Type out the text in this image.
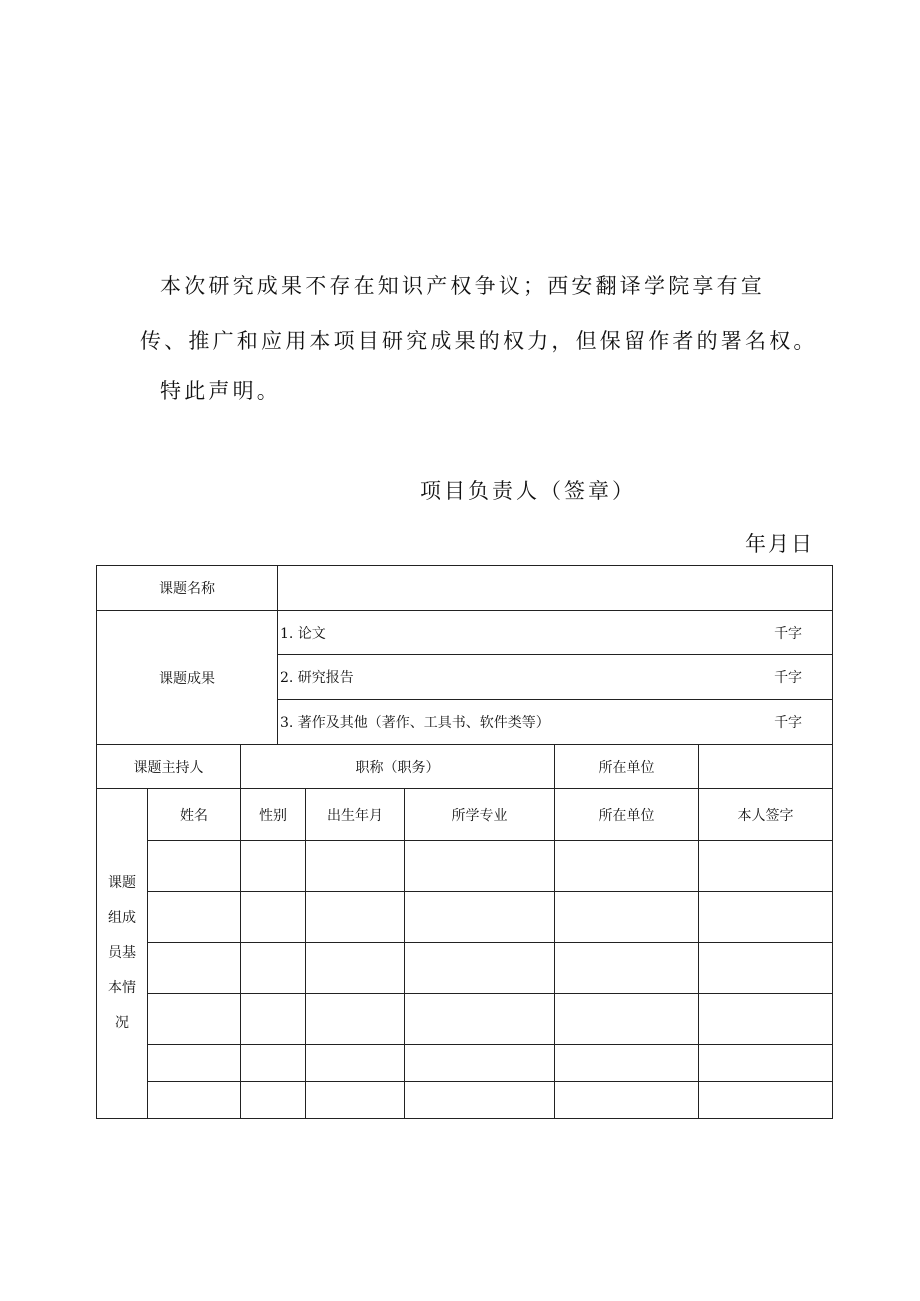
本次研究成果不存在知识产权争议；西安翻译学院享有宣
传、推广和应用本项目研究成果的权力，但保留作者的署名权。
特此声明。
项目负责人（签章）
年月日
课题名称							
课题成果			1. 论文 千字				

			2. 研究报告 千字				

			3. 著作及其他（著作、工具书、软件类等） 千字				

课题主持人		职称（职务）				所在单位	

课题
组成
员基
本情
况	姓名	性别		出生年月	所学专业	所在单位	本人签字
